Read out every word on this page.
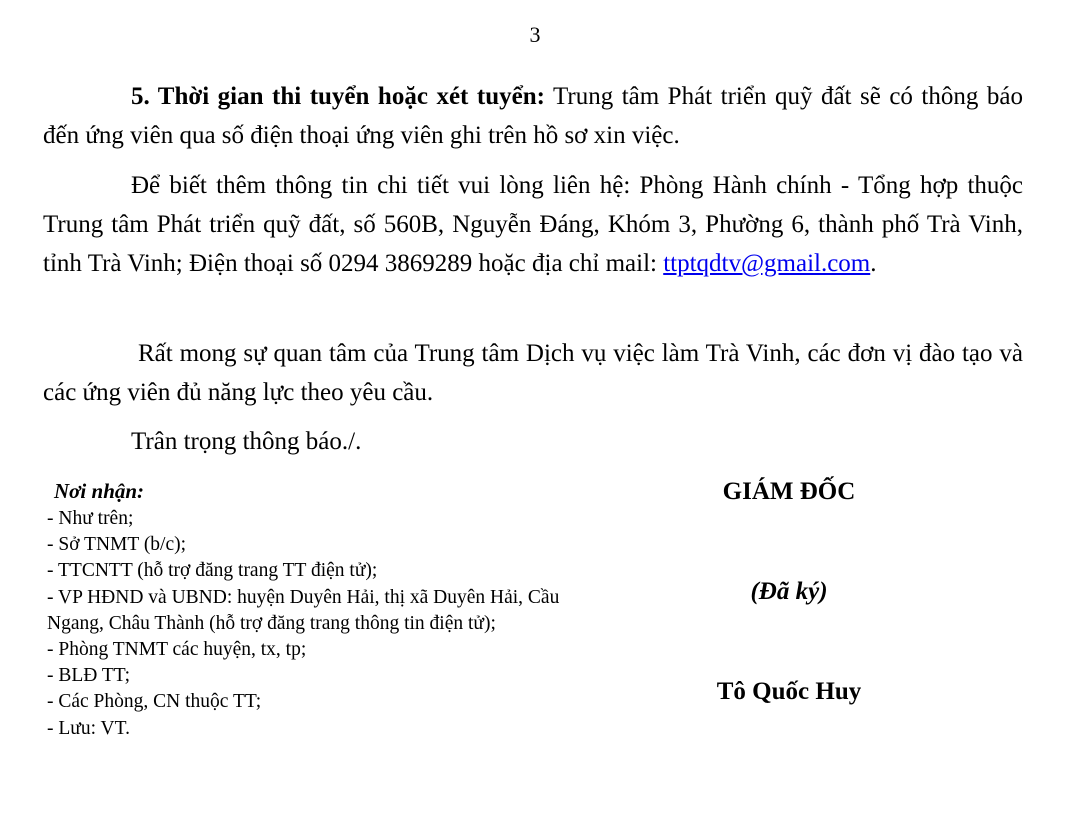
3
5. Thời gian thi tuyển hoặc xét tuyển: Trung tâm Phát triển quỹ đất sẽ có thông báo đến ứng viên qua số điện thoại ứng viên ghi trên hồ sơ xin việc.
Để biết thêm thông tin chi tiết vui lòng liên hệ: Phòng Hành chính - Tổng hợp thuộc Trung tâm Phát triển quỹ đất, số 560B, Nguyễn Đáng, Khóm 3, Phường 6, thành phố Trà Vinh, tỉnh Trà Vinh; Điện thoại số 0294 3869289 hoặc địa chỉ mail: ttptqdtv@gmail.com.
Rất mong sự quan tâm của Trung tâm Dịch vụ việc làm Trà Vinh, các đơn vị đào tạo và các ứng viên đủ năng lực theo yêu cầu.
Trân trọng thông báo./.
Nơi nhận:
- Như trên;
- Sở TNMT (b/c);
- TTCNTT (hỗ trợ đăng trang TT điện tử);
- VP HĐND và UBND: huyện Duyên Hải, thị xã Duyên Hải, Cầu Ngang, Châu Thành (hỗ trợ đăng trang thông tin điện tử);
- Phòng TNMT các huyện, tx, tp;
- BLĐ TT;
- Các Phòng, CN thuộc TT;
- Lưu: VT.
GIÁM ĐỐC
(Đã ký)
Tô Quốc Huy
